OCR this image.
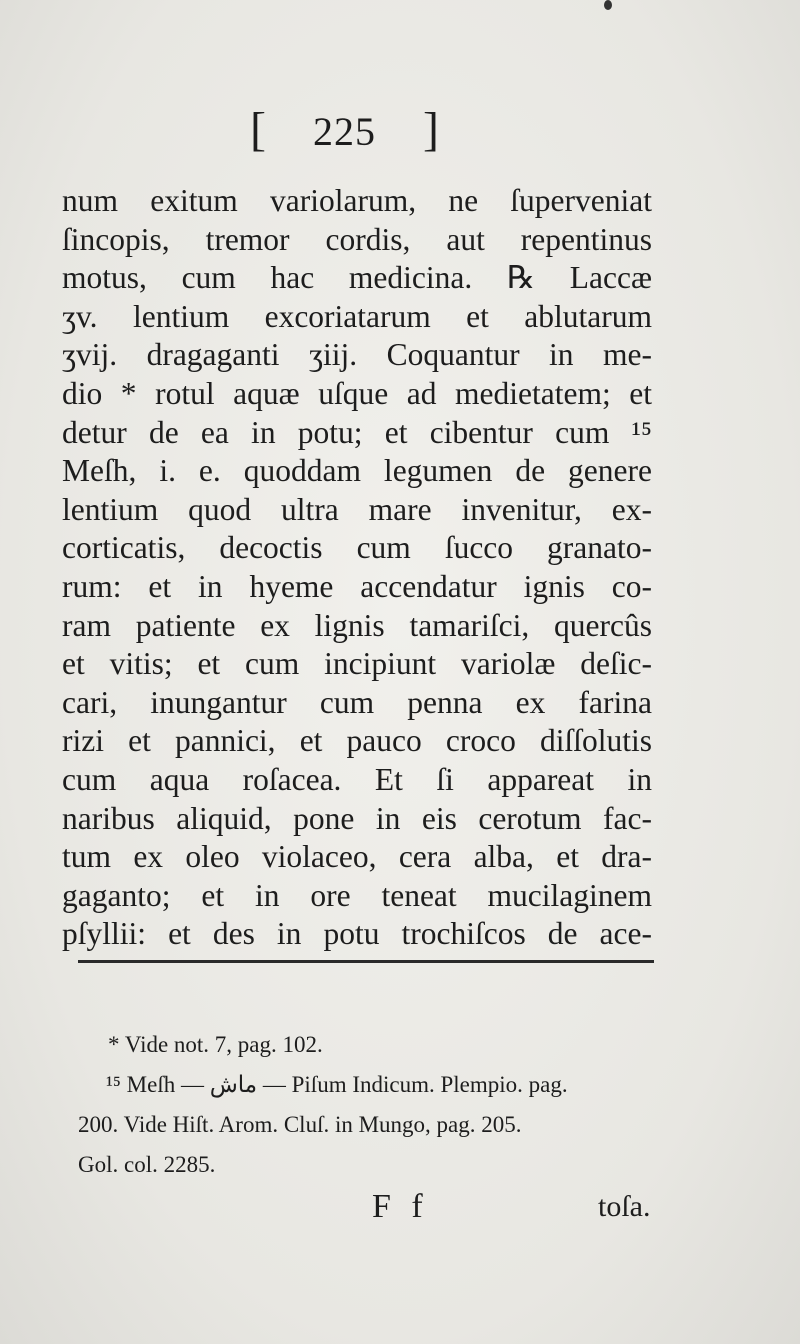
[ 225 ]
num exitum variolarum, ne ſuperveniat
ſincopis, tremor cordis, aut repentinus
motus, cum hac medicina. ℞ Laccæ
ʒv. lentium excoriatarum et ablutarum
ʒvij. dragaganti ʒiij. Coquantur in me-
dio * rotul aquæ uſque ad medietatem; et
detur de ea in potu; et cibentur cum ¹⁵
Meſh, i. e. quoddam legumen de genere
lentium quod ultra mare invenitur, ex-
corticatis, decoctis cum ſucco granato-
rum: et in hyeme accendatur ignis co-
ram patiente ex lignis tamariſci, quercûs
et vitis; et cum incipiunt variolæ deſic-
cari, inungantur cum penna ex farina
rizi et pannici, et pauco croco diſſolutis
cum aqua roſacea. Et ſi appareat in
naribus aliquid, pone in eis cerotum fac-
tum ex oleo violaceo, cera alba, et dra-
gaganto; et in ore teneat mucilaginem
pſyllii: et des in potu trochiſcos de ace-
* Vide not. 7, pag. 102.
¹⁵ Meſh — ماش — Piſum Indicum. Plempio. pag.
200. Vide Hiſt. Arom. Cluſ. in Mungo, pag. 205.
Gol. col. 2285.
F f	toſa.
